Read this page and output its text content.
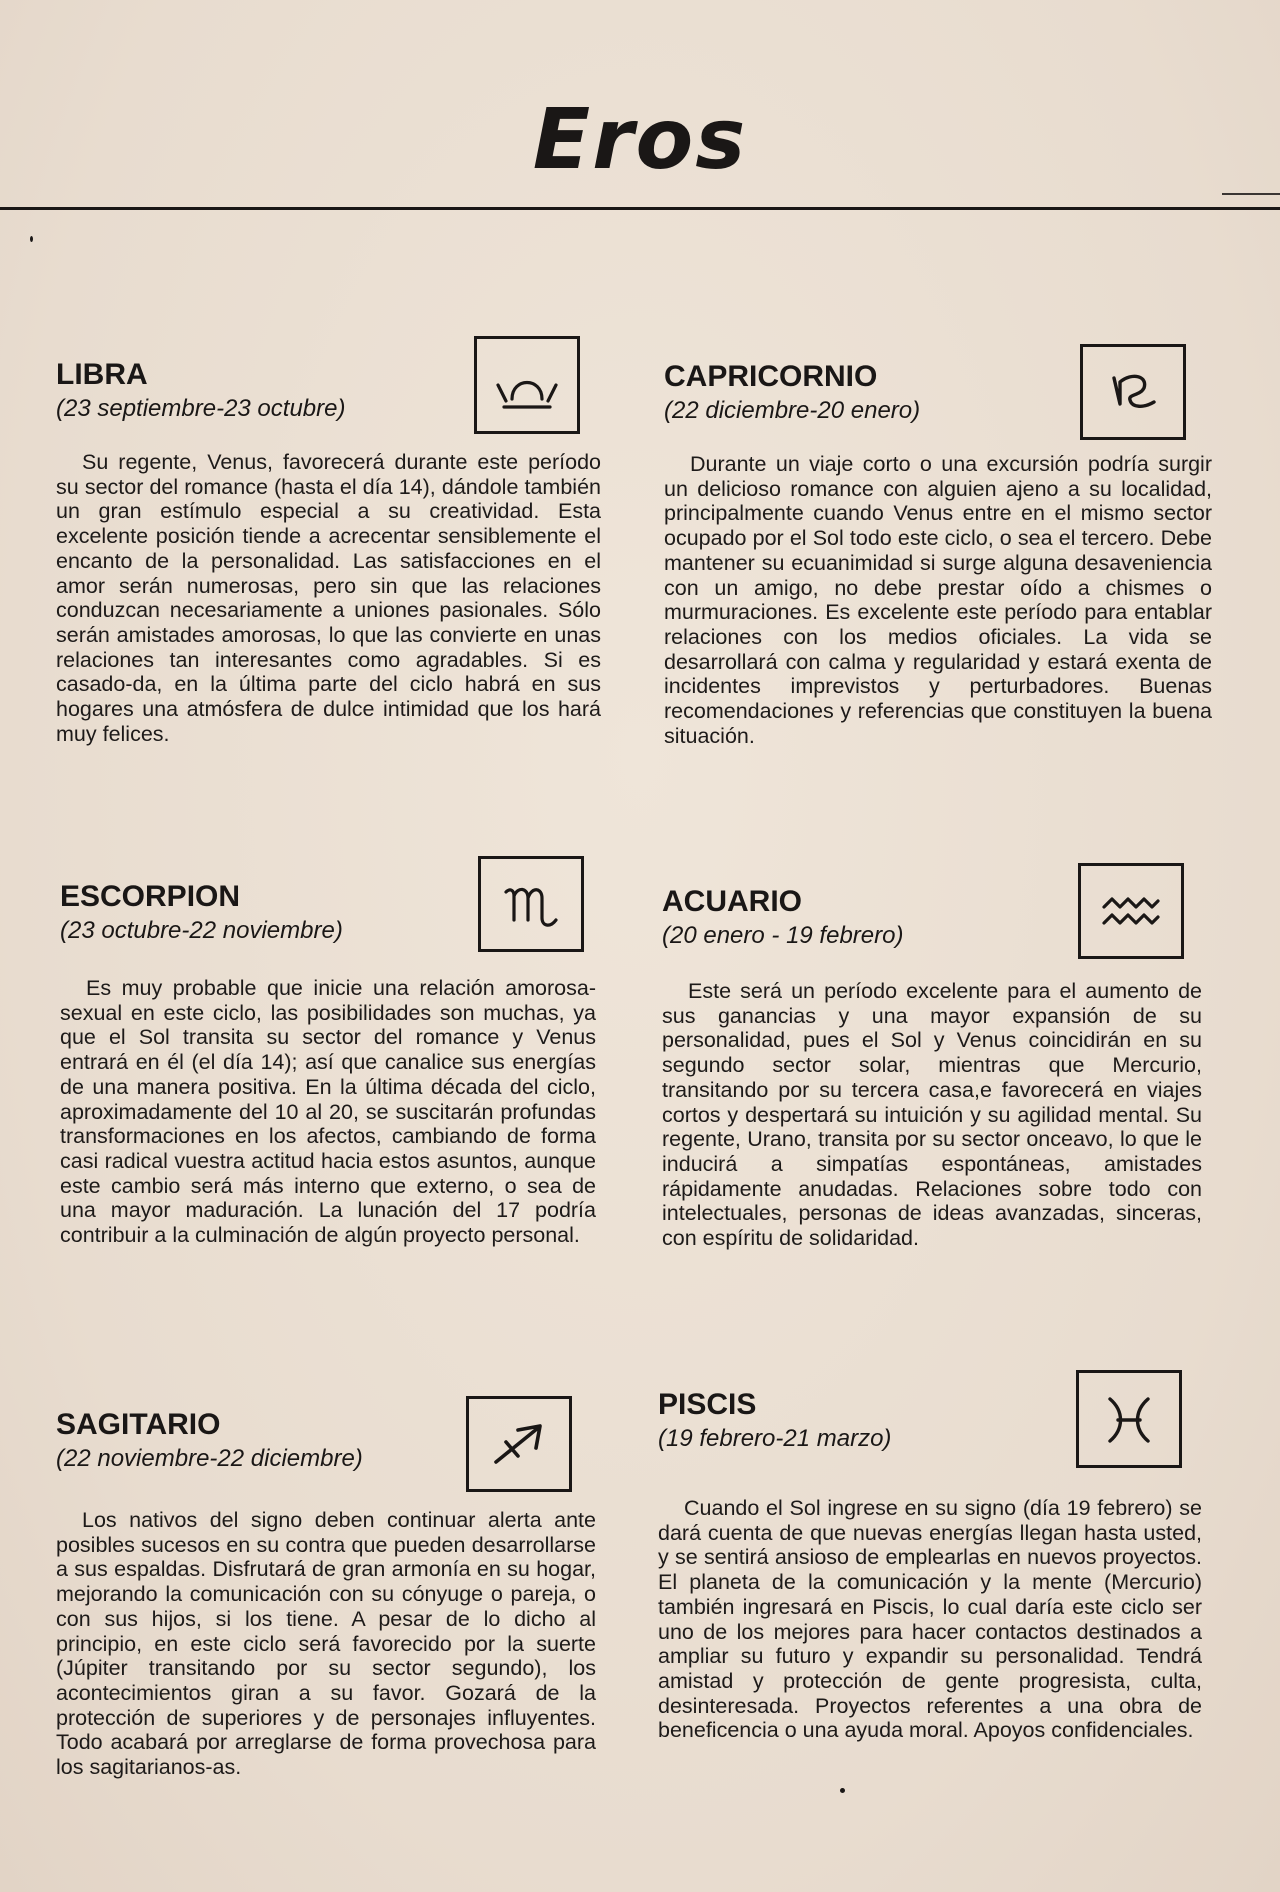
Eros
LIBRA
(23 septiembre-23 octubre)

Su regente, Venus, favorecerá durante este período su sector del romance (hasta el día 14), dándole también un gran estímulo especial a su creatividad. Esta excelente posición tiende a acrecentar sensiblemente el encanto de la personalidad. Las satisfacciones en el amor serán numerosas, pero sin que las relaciones conduzcan necesariamente a uniones pasionales. Sólo serán amistades amorosas, lo que las convierte en unas relaciones tan interesantes como agradables. Si es casado-da, en la última parte del ciclo habrá en sus hogares una atmósfera de dulce intimidad que los hará muy felices.

CAPRICORNIO
(22 diciembre-20 enero)

Durante un viaje corto o una excursión podría surgir un delicioso romance con alguien ajeno a su localidad, principalmente cuando Venus entre en el mismo sector ocupado por el Sol todo este ciclo, o sea el tercero. Debe mantener su ecuanimidad si surge alguna desaveniencia con un amigo, no debe prestar oído a chismes o murmuraciones. Es excelente este período para entablar relaciones con los medios oficiales. La vida se desarrollará con calma y regularidad y estará exenta de incidentes imprevistos y perturbadores. Buenas recomendaciones y referencias que constituyen la buena situación.

ESCORPION
(23 octubre-22 noviembre)

Es muy probable que inicie una relación amorosa-sexual en este ciclo, las posibilidades son muchas, ya que el Sol transita su sector del romance y Venus entrará en él (el día 14); así que canalice sus energías de una manera positiva. En la última década del ciclo, aproximadamente del 10 al 20, se suscitarán profundas transformaciones en los afectos, cambiando de forma casi radical vuestra actitud hacia estos asuntos, aunque este cambio será más interno que externo, o sea de una mayor maduración. La lunación del 17 podría contribuir a la culminación de algún proyecto personal.

ACUARIO
(20 enero - 19 febrero)

Este será un período excelente para el aumento de sus ganancias y una mayor expansión de su personalidad, pues el Sol y Venus coincidirán en su segundo sector solar, mientras que Mercurio, transitando por su tercera casa,e favorecerá en viajes cortos y despertará su intuición y su agilidad mental. Su regente, Urano, transita por su sector onceavo, lo que le inducirá a simpatías espontáneas, amistades rápidamente anudadas. Relaciones sobre todo con intelectuales, personas de ideas avanzadas, sinceras, con espíritu de solidaridad.

SAGITARIO
(22 noviembre-22 diciembre)

Los nativos del signo deben continuar alerta ante posibles sucesos en su contra que pueden desarrollarse a sus espaldas. Disfrutará de gran armonía en su hogar, mejorando la comunicación con su cónyuge o pareja, o con sus hijos, si los tiene. A pesar de lo dicho al principio, en este ciclo será favorecido por la suerte (Júpiter transitando por su sector segundo), los acontecimientos giran a su favor. Gozará de la protección de superiores y de personajes influyentes. Todo acabará por arreglarse de forma provechosa para los sagitarianos-as.

PISCIS
(19 febrero-21 marzo)

Cuando el Sol ingrese en su signo (día 19 febrero) se dará cuenta de que nuevas energías llegan hasta usted, y se sentirá ansioso de emplearlas en nuevos proyectos. El planeta de la comunicación y la mente (Mercurio) también ingresará en Piscis, lo cual daría este ciclo ser uno de los mejores para hacer contactos destinados a ampliar su futuro y expandir su personalidad. Tendrá amistad y protección de gente progresista, culta, desinteresada. Proyectos referentes a una obra de beneficencia o una ayuda moral. Apoyos confidenciales.
